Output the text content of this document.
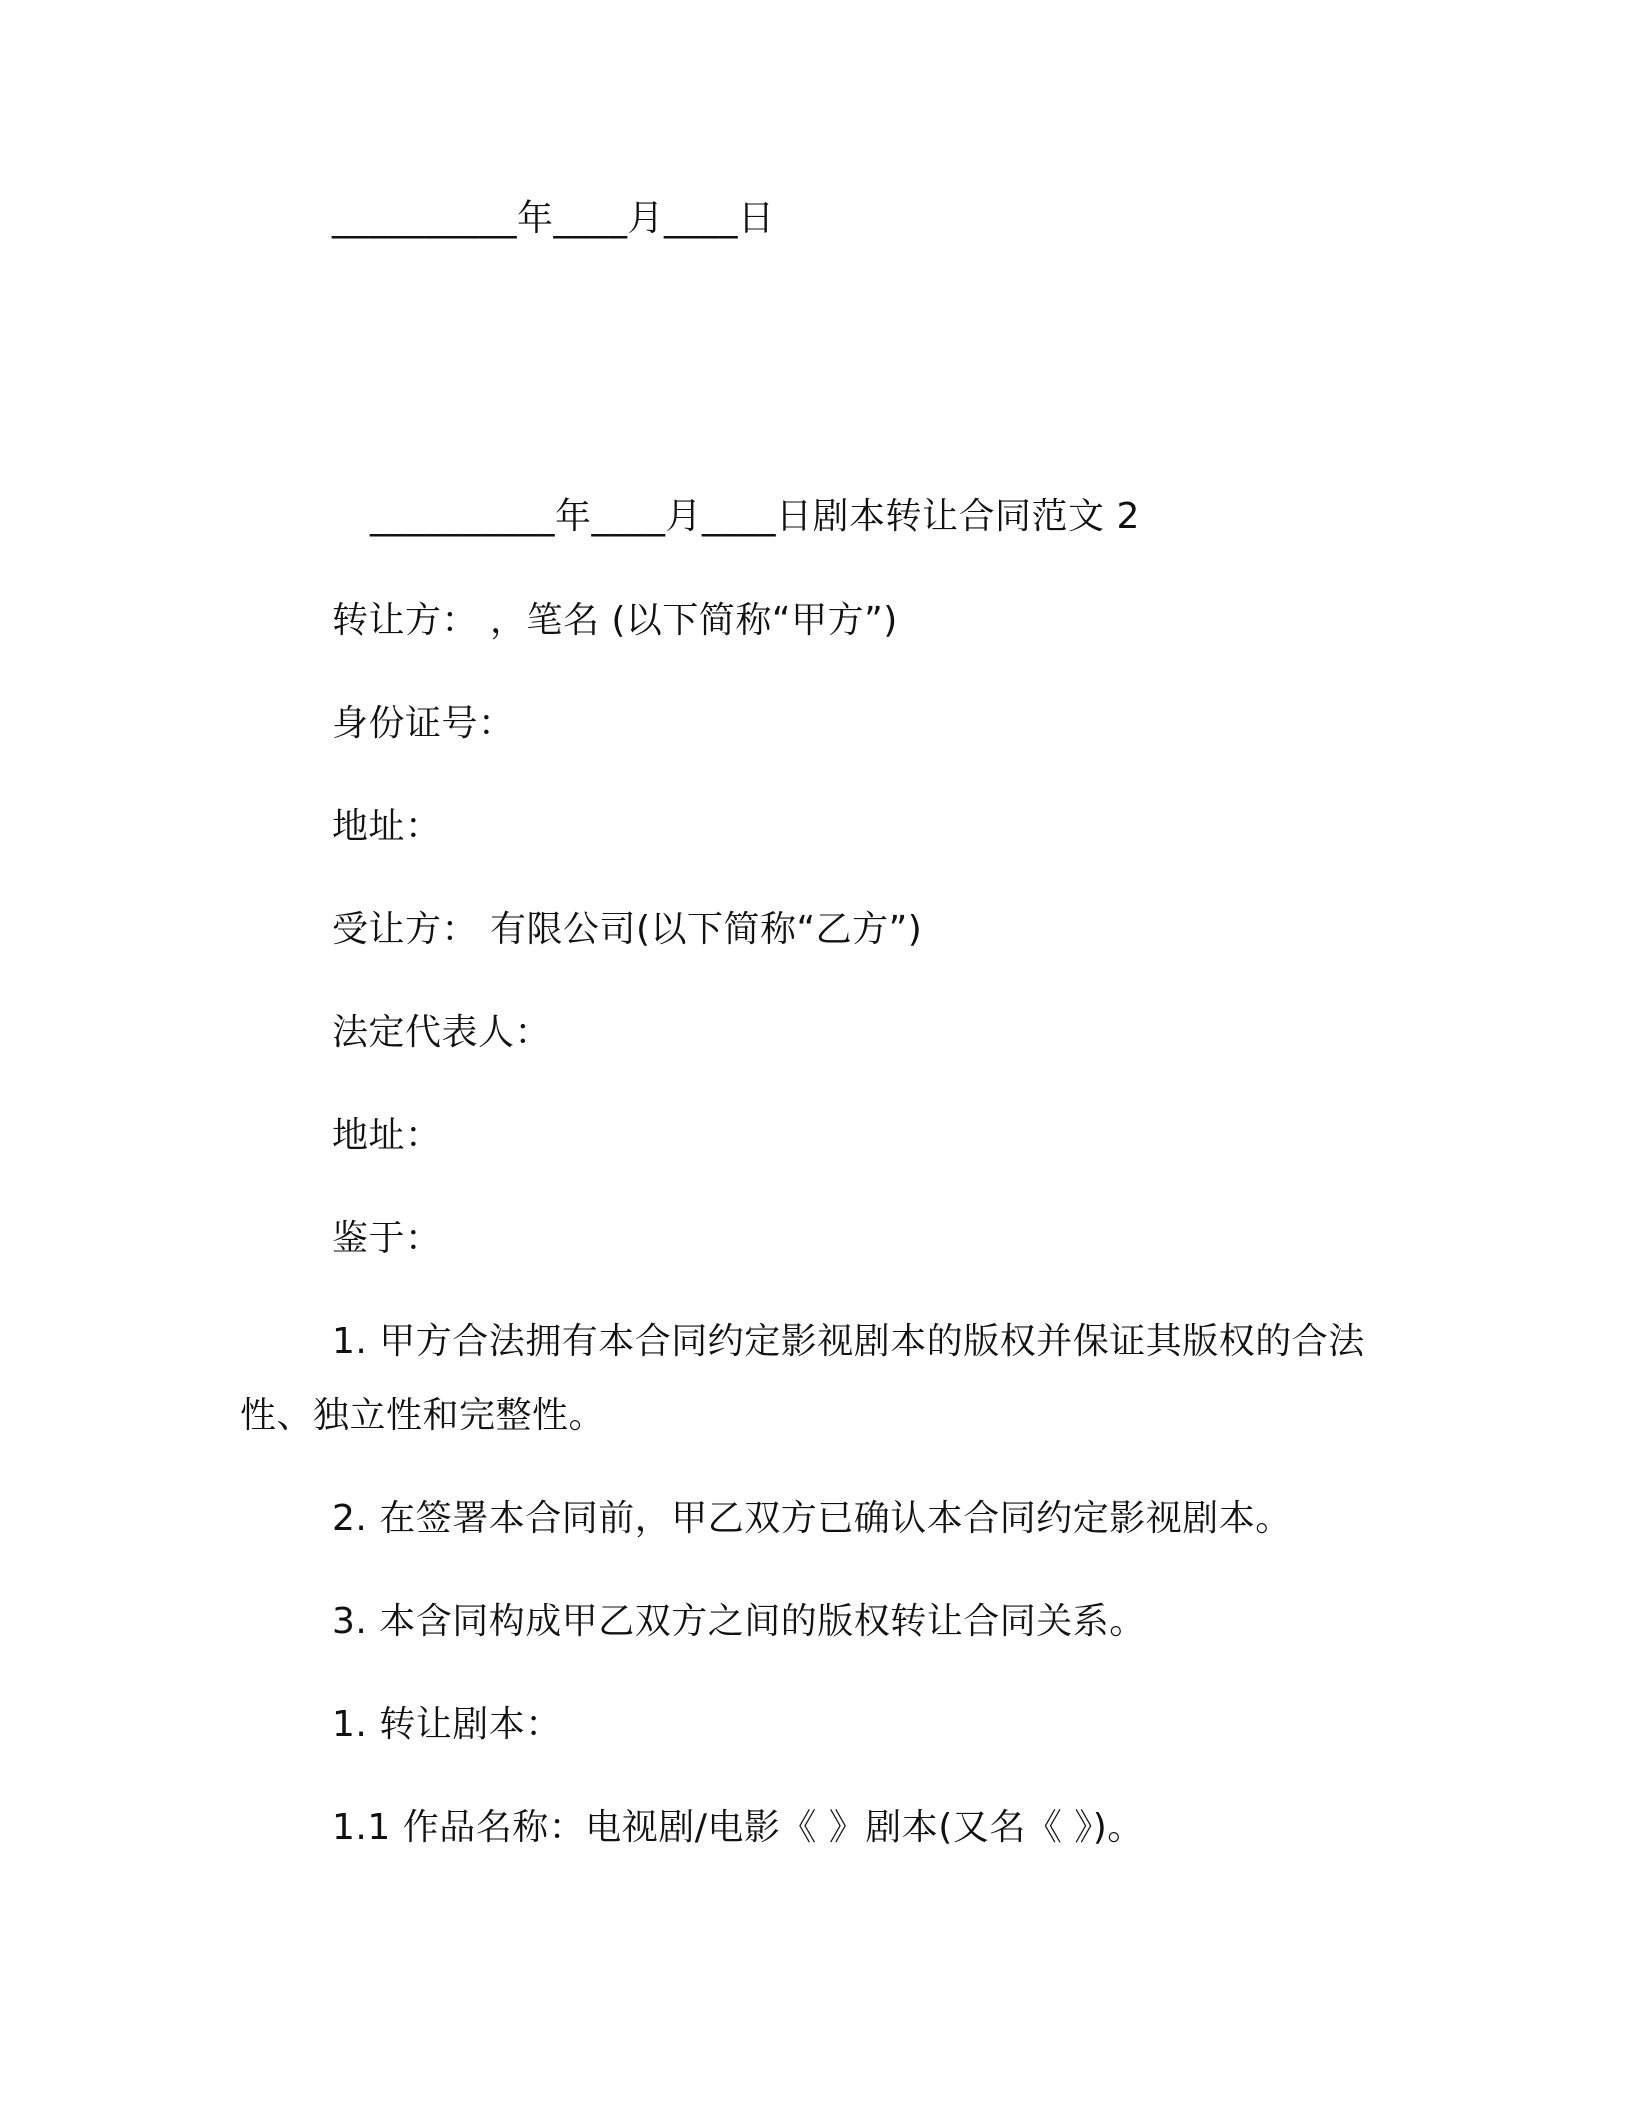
__________年____月____日
__________年____月____日剧本转让合同范文 2
转让方： ，笔名 (以下简称“甲方”)
身份证号：
地址：
受让方： 有限公司(以下简称“乙方”)
法定代表人：
地址：
鉴于：
1. 甲方合法拥有本合同约定影视剧本的版权并保证其版权的合法
性、独立性和完整性。
2. 在签署本合同前，甲乙双方已确认本合同约定影视剧本。
3. 本含同构成甲乙双方之间的版权转让合同关系。
1. 转让剧本：
1.1 作品名称：电视剧/电影《 》剧本(又名《 》)。
